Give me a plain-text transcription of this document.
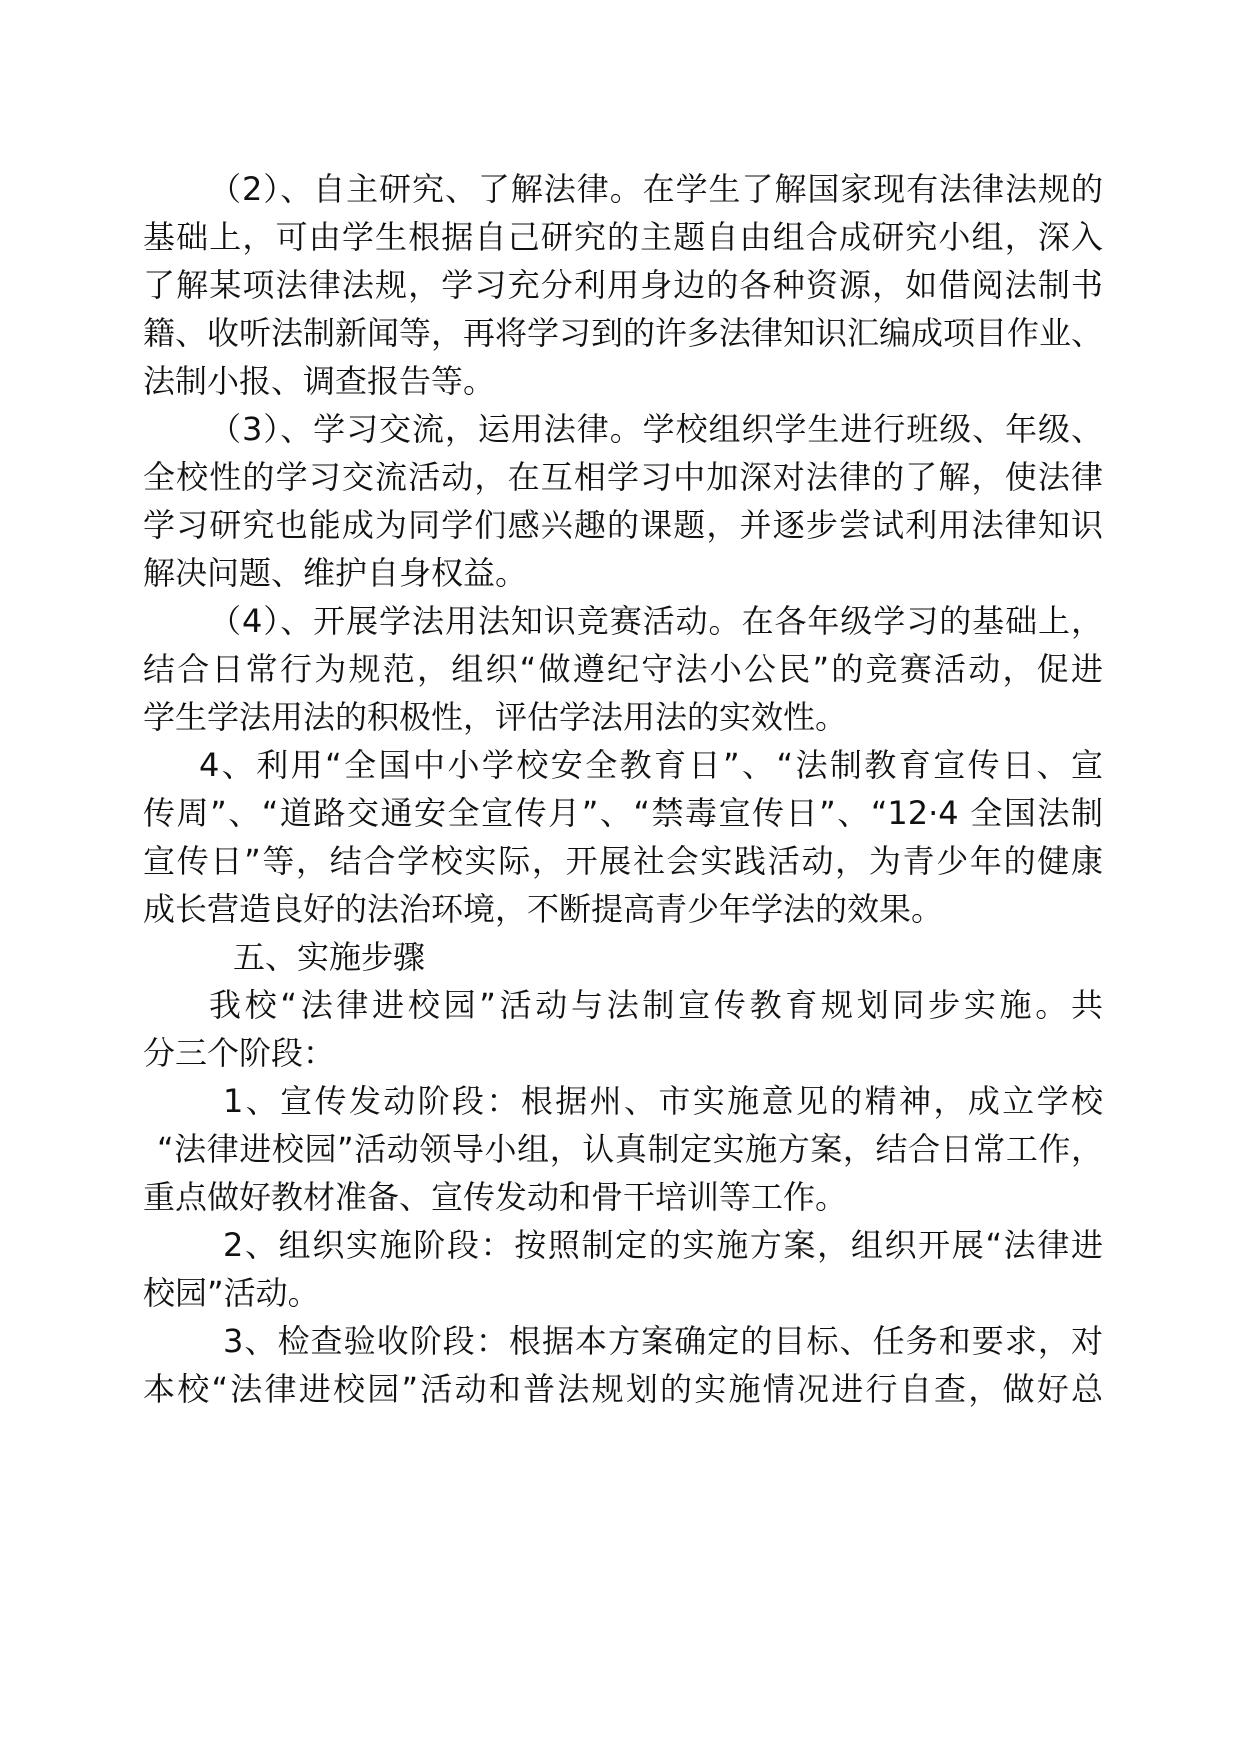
（2）、自主研究、了解法律。在学生了解国家现有法律法规的
基础上，可由学生根据自己研究的主题自由组合成研究小组，深入
了解某项法律法规，学习充分利用身边的各种资源，如借阅法制书
籍、收听法制新闻等，再将学习到的许多法律知识汇编成项目作业、
法制小报、调查报告等。
（3）、学习交流，运用法律。学校组织学生进行班级、年级、
全校性的学习交流活动，在互相学习中加深对法律的了解，使法律
学习研究也能成为同学们感兴趣的课题，并逐步尝试利用法律知识
解决问题、维护自身权益。
（4）、开展学法用法知识竞赛活动。在各年级学习的基础上，
结合日常行为规范，组织“做遵纪守法小公民”的竞赛活动，促进
学生学法用法的积极性，评估学法用法的实效性。
4、利用“全国中小学校安全教育日”、“法制教育宣传日、宣
传周”、“道路交通安全宣传月”、“禁毒宣传日”、“12·4 全国法制
宣传日”等，结合学校实际，开展社会实践活动，为青少年的健康
成长营造良好的法治环境，不断提高青少年学法的效果。
五、实施步骤
我校“法律进校园”活动与法制宣传教育规划同步实施。共
分三个阶段：
1、宣传发动阶段：根据州、市实施意见的精神，成立学校
“法律进校园”活动领导小组，认真制定实施方案，结合日常工作，
重点做好教材准备、宣传发动和骨干培训等工作。
2、组织实施阶段：按照制定的实施方案，组织开展“法律进
校园”活动。
3、检查验收阶段：根据本方案确定的目标、任务和要求，对
本校“法律进校园”活动和普法规划的实施情况进行自查，做好总
